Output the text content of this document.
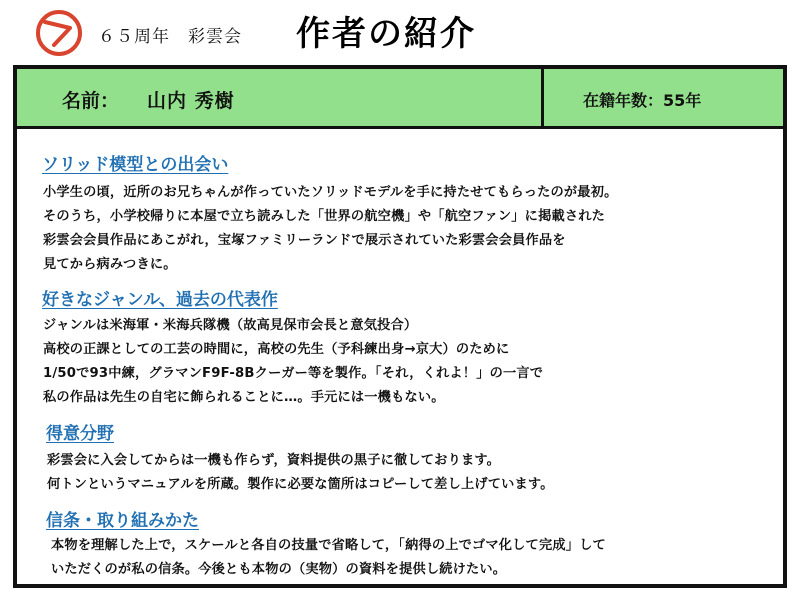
６５周年　彩雲会 作者の紹介
名前： 山内 秀樹	在籍年数：55年
ソリッド模型との出会い
小学生の頃，近所のお兄ちゃんが作っていたソリッドモデルを手に持たせてもらったのが最初。
そのうち，小学校帰りに本屋で立ち読みした「世界の航空機」や「航空ファン」に掲載された
彩雲会会員作品にあこがれ，宝塚ファミリーランドで展示されていた彩雲会会員作品を
見てから病みつきに。
好きなジャンル、過去の代表作
ジャンルは米海軍・米海兵隊機（故高見保市会長と意気投合）
高校の正課としての工芸の時間に，高校の先生（予科練出身→京大）のために
1/50で93中練，グラマンF9F-8Bクーガー等を製作。「それ，くれよ！」の一言で
私の作品は先生の自宅に飾られることに…。手元には一機もない。
得意分野
彩雲会に入会してからは一機も作らず，資料提供の黒子に徹しております。
何トンというマニュアルを所蔵。製作に必要な箇所はコピーして差し上げています。
信条・取り組みかた
本物を理解した上で，スケールと各自の技量で省略して，「納得の上でゴマ化して完成」して
いただくのが私の信条。今後とも本物の（実物）の資料を提供し続けたい。
